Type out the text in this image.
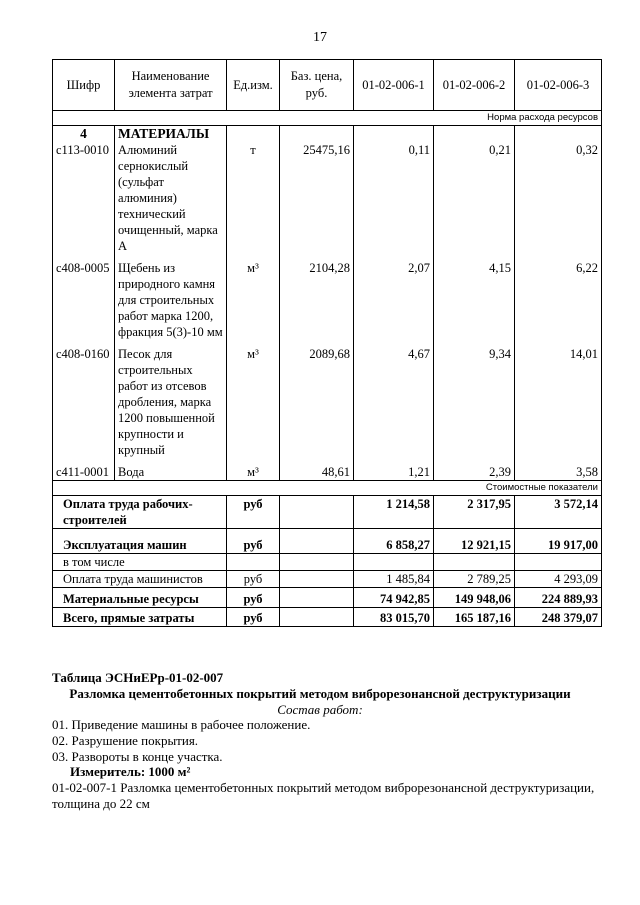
17
Шифр	Наименование элемента затрат	Ед.изм.	Баз. цена, руб.	01-02-006-1	01-02-006-2	01-02-006-3
Норма расхода ресурсов						
4	МАТЕРИАЛЫ					
с113-0010	Алюминий сернокислый (сульфат алюминия) технический очищенный, марка А	т	25475,16	0,11	0,21	0,32

с408-0005	Щебень из природного камня для строительных работ марка 1200, фракция 5(3)-10 мм	м³	2104,28	2,07	4,15	6,22

с408-0160	Песок для строительных работ из отсевов дробления, марка 1200 повышенной крупности и крупный	м³	2089,68	4,67	9,34	14,01

с411-0001	Вода	м³	48,61	1,21	2,39	3,58
Стоимостные показатели						
Оплата труда рабочих-строителей		руб		1 214,58	2 317,95	3 572,14
Эксплуатация машин		руб		6 858,27	12 921,15	19 917,00
в том числе						
Оплата труда машинистов		руб		1 485,84	2 789,25	4 293,09
Материальные ресурсы		руб		74 942,85	149 948,06	224 889,93
Всего, прямые затраты		руб		83 015,70	165 187,16	248 379,07
Таблица ЭСНиЕРр-01-02-007
Разломка цементобетонных покрытий методом виброрезонансной деструктуризации
Состав работ:
01. Приведение машины в рабочее положение.
02. Разрушение покрытия.
03. Развороты в конце участка.
Измеритель: 1000 м²
01-02-007-1 Разломка цементобетонных покрытий методом виброрезонансной деструктуризации,
толщина до 22 см
